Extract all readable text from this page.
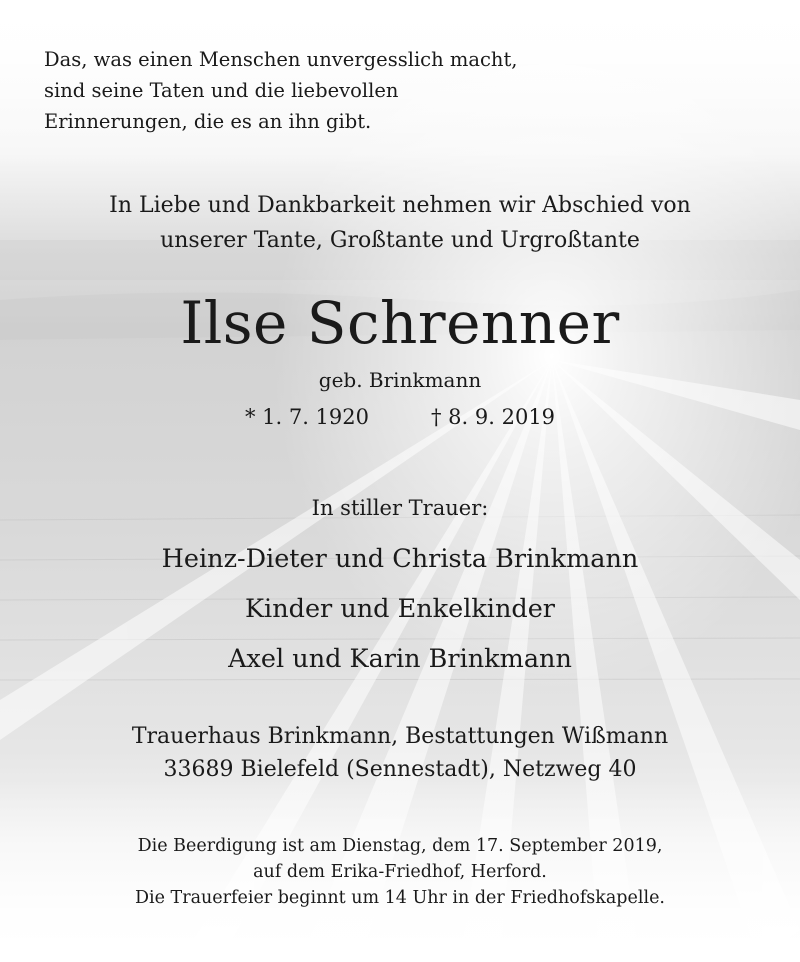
Das, was einen Menschen unvergesslich macht,
sind seine Taten und die liebevollen
Erinnerungen, die es an ihn gibt.
In Liebe und Dankbarkeit nehmen wir Abschied von
unserer Tante, Großtante und Urgroßtante
Ilse Schrenner
geb. Brinkmann
* 1. 7. 1920	† 8. 9. 2019
In stiller Trauer:
Heinz-Dieter und Christa Brinkmann
Kinder und Enkelkinder
Axel und Karin Brinkmann
Trauerhaus Brinkmann, Bestattungen Wißmann
33689 Bielefeld (Sennestadt), Netzweg 40
Die Beerdigung ist am Dienstag, dem 17. September 2019,
auf dem Erika-Friedhof, Herford.
Die Trauerfeier beginnt um 14 Uhr in der Friedhofskapelle.
